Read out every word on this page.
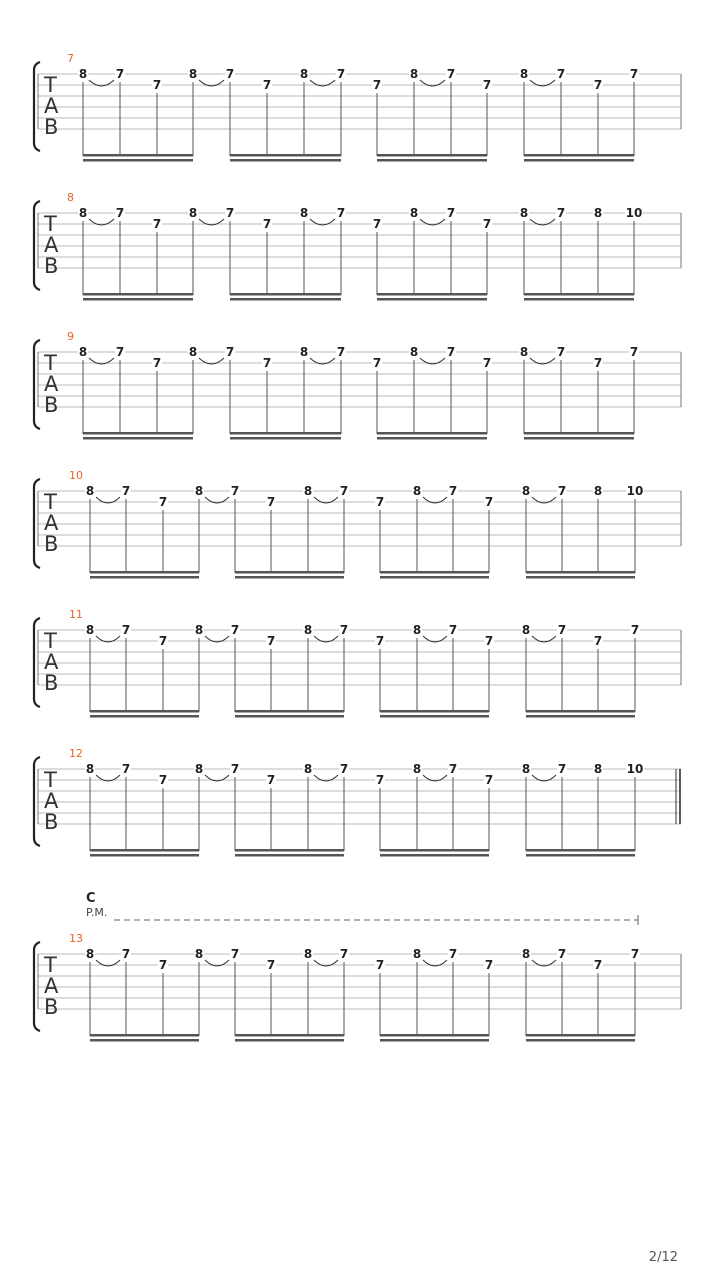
7
T
A
B
8 7
7
8 7
7
8 7
7
8 7
7
8 7
7
7
8
T
A
B
8 7
7
8 7
7
8 7
7
8 7
7
8 7 8 10
9
T
A
B
8 7
7
8 7
7
8 7
7
8 7
7
8 7
7
7
10
T
A
B
8 7
7
8 7
7
8 7
7
8 7
7
8 7 8 10
11
T
A
B
8 7
7
8 7
7
8 7
7
8 7
7
8 7
7
7
12
T
A
B
8 7
7
8 7
7
8 7
7
8 7
7
8 7 8 10
13
T
A
B
8 7
7
8 7
7
8 7
7
8 7
7
8 7
7
7
C
P.M.
2/12
